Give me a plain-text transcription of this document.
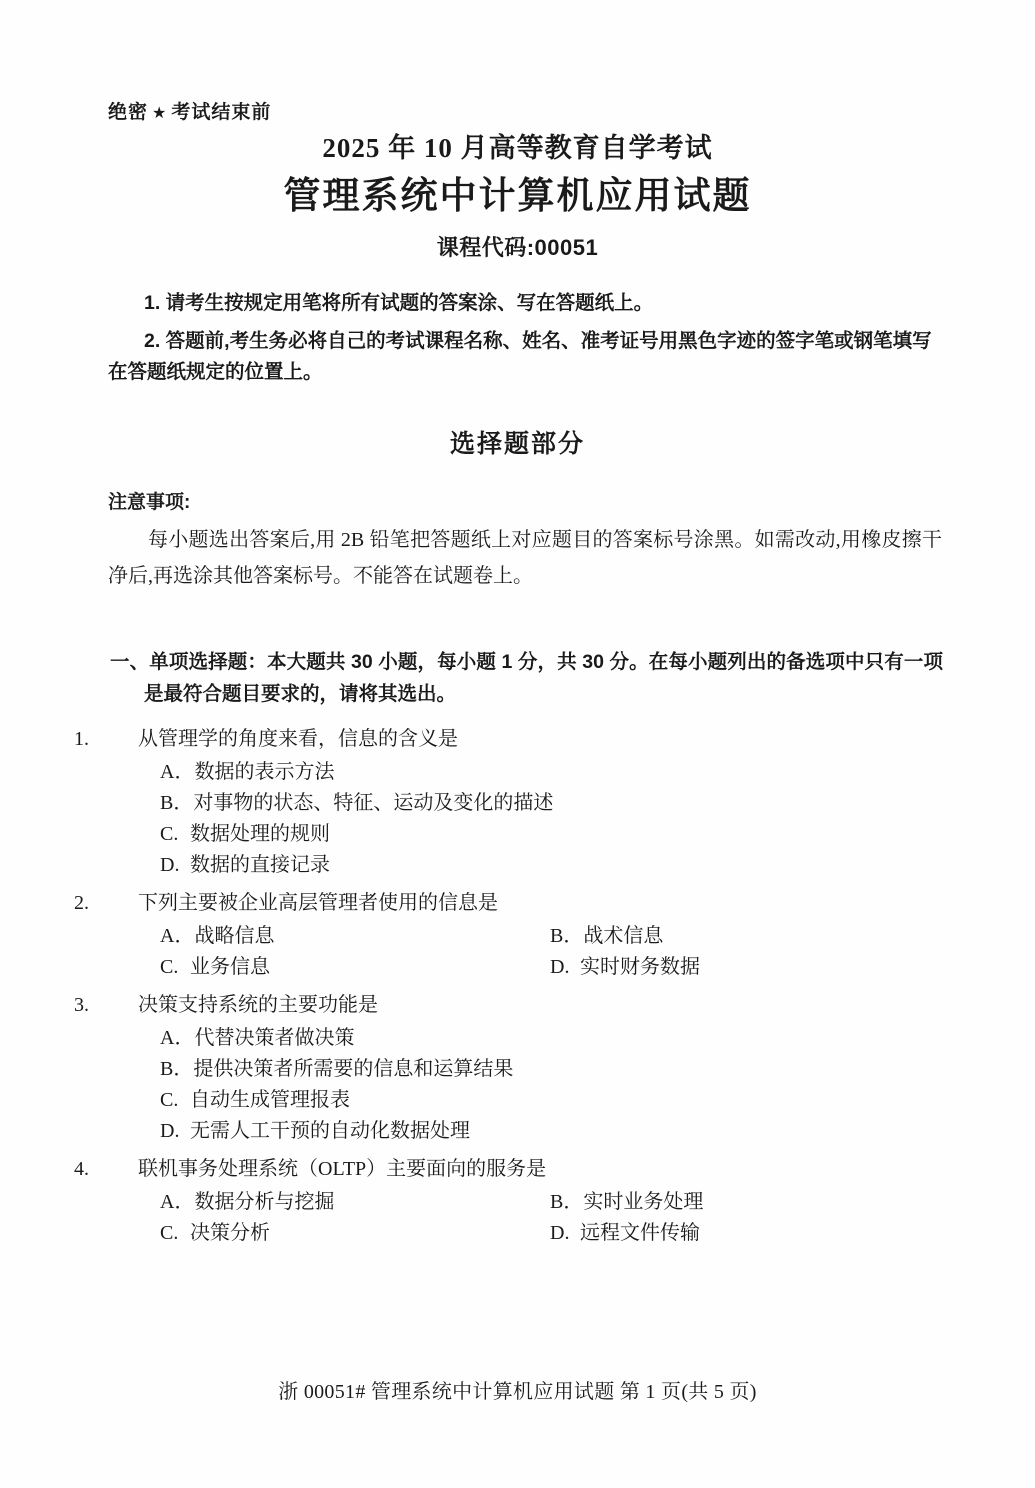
绝密 ★ 考试结束前
2025 年 10 月高等教育自学考试
管理系统中计算机应用试题
课程代码:00051
1. 请考生按规定用笔将所有试题的答案涂、写在答题纸上。
2. 答题前,考生务必将自己的考试课程名称、姓名、准考证号用黑色字迹的签字笔或钢笔填写在答题纸规定的位置上。
选择题部分
注意事项:
每小题选出答案后,用 2B 铅笔把答题纸上对应题目的答案标号涂黑。如需改动,用橡皮擦干净后,再选涂其他答案标号。不能答在试题卷上。
一、单项选择题：本大题共 30 小题，每小题 1 分，共 30 分。在每小题列出的备选项中只有一项是最符合题目要求的，请将其选出。
1. 从管理学的角度来看，信息的含义是
A．数据的表示方法
B．对事物的状态、特征、运动及变化的描述
C. 数据处理的规则
D. 数据的直接记录
2. 下列主要被企业高层管理者使用的信息是
A．战略信息	B．战术信息
C. 业务信息	D. 实时财务数据
3. 决策支持系统的主要功能是
A．代替决策者做决策
B．提供决策者所需要的信息和运算结果
C. 自动生成管理报表
D. 无需人工干预的自动化数据处理
4. 联机事务处理系统（OLTP）主要面向的服务是
A．数据分析与挖掘	B．实时业务处理
C. 决策分析	D. 远程文件传输
浙 00051# 管理系统中计算机应用试题 第 1 页(共 5 页)
